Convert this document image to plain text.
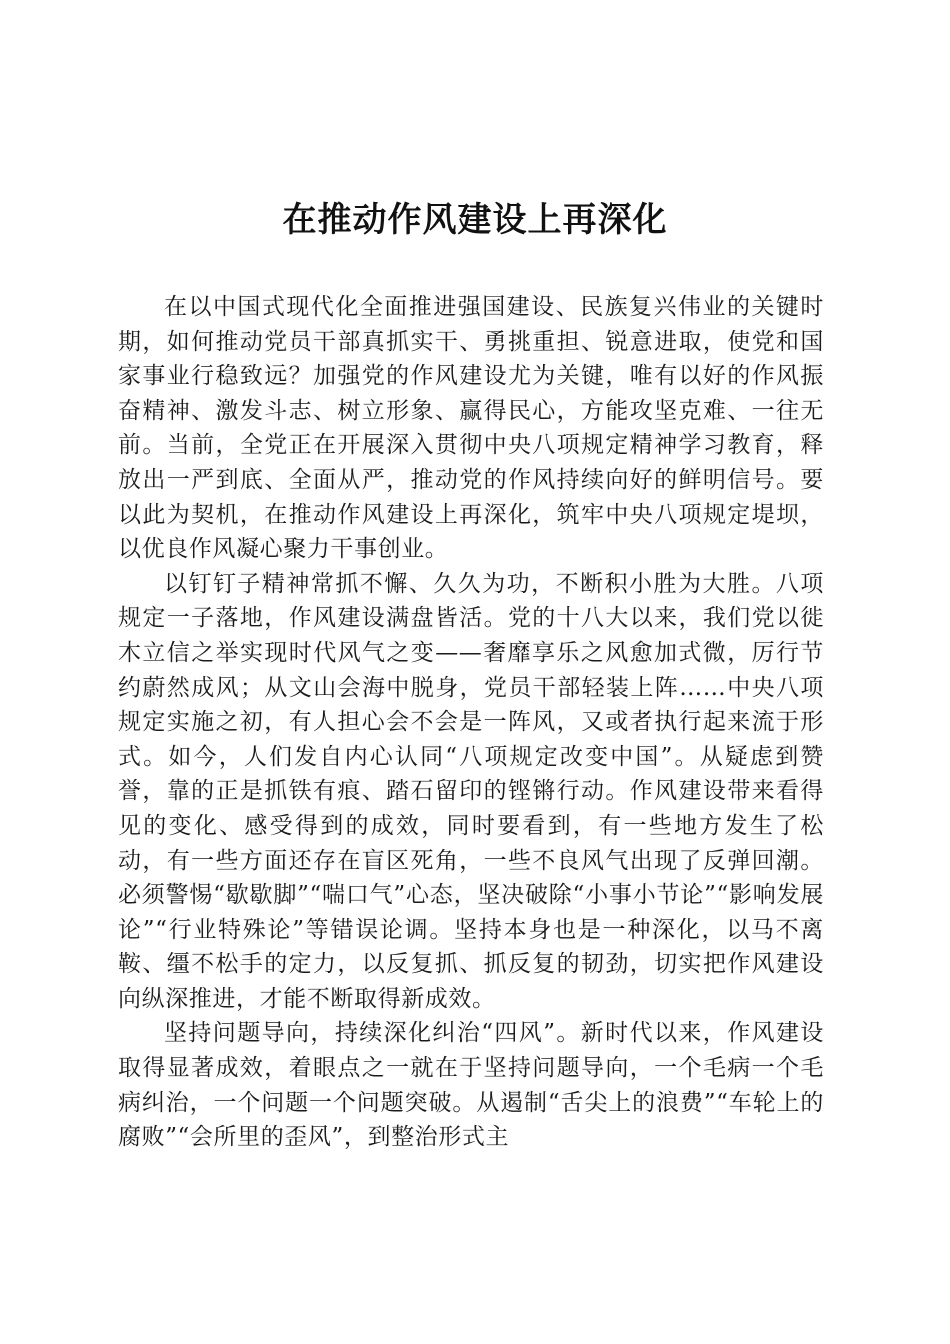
在推动作风建设上再深化

在以中国式现代化全面推进强国建设、民族复兴伟业的关键时期，如何推动党员干部真抓实干、勇挑重担、锐意进取，使党和国家事业行稳致远？加强党的作风建设尤为关键，唯有以好的作风振奋精神、激发斗志、树立形象、赢得民心，方能攻坚克难、一往无前。当前，全党正在开展深入贯彻中央八项规定精神学习教育，释放出一严到底、全面从严，推动党的作风持续向好的鲜明信号。要以此为契机，在推动作风建设上再深化，筑牢中央八项规定堤坝，以优良作风凝心聚力干事创业。

以钉钉子精神常抓不懈、久久为功，不断积小胜为大胜。八项规定一子落地，作风建设满盘皆活。党的十八大以来，我们党以徙木立信之举实现时代风气之变——奢靡享乐之风愈加式微，厉行节约蔚然成风；从文山会海中脱身，党员干部轻装上阵……中央八项规定实施之初，有人担心会不会是一阵风，又或者执行起来流于形式。如今，人们发自内心认同“八项规定改变中国”。从疑虑到赞誉，靠的正是抓铁有痕、踏石留印的铿锵行动。作风建设带来看得见的变化、感受得到的成效，同时要看到，有一些地方发生了松动，有一些方面还存在盲区死角，一些不良风气出现了反弹回潮。必须警惕“歇歇脚”“喘口气”心态，坚决破除“小事小节论”“影响发展论”“行业特殊论”等错误论调。坚持本身也是一种深化，以马不离鞍、缰不松手的定力，以反复抓、抓反复的韧劲，切实把作风建设向纵深推进，才能不断取得新成效。

坚持问题导向，持续深化纠治“四风”。新时代以来，作风建设取得显著成效，着眼点之一就在于坚持问题导向，一个毛病一个毛病纠治，一个问题一个问题突破。从遏制“舌尖上的浪费”“车轮上的腐败”“会所里的歪风”，到整治形式主
